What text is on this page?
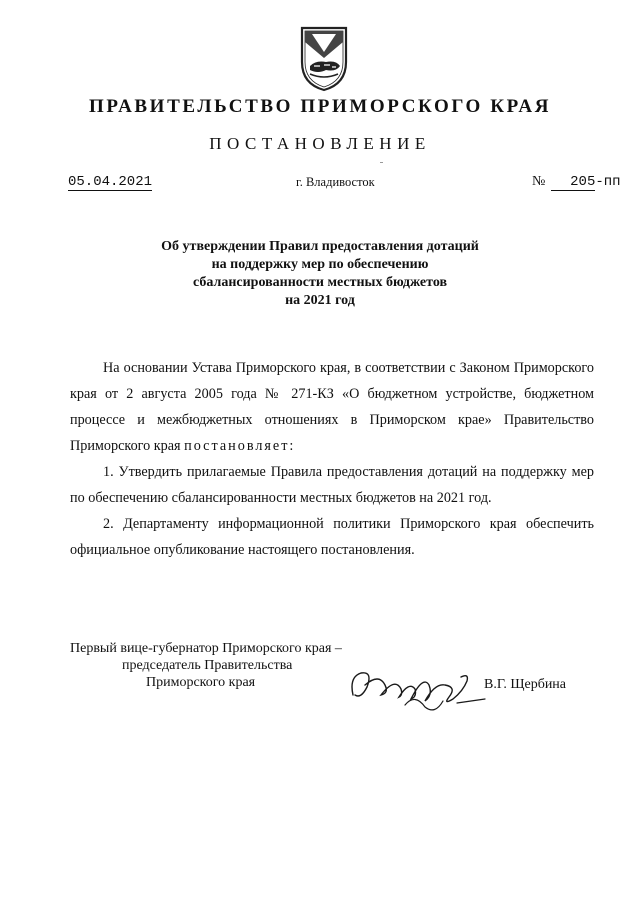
ПРАВИТЕЛЬСТВО ПРИМОРСКОГО КРАЯ
ПОСТАНОВЛЕНИЕ
05.04.2021	г. Владивосток	№ 205-пп
Об утверждении Правил предоставления дотаций
на поддержку мер по обеспечению
сбалансированности местных бюджетов
на 2021 год

На основании Устава Приморского края, в соответствии с Законом Приморского края от 2 августа 2005 года № 271-КЗ «О бюджетном устройстве, бюджетном процессе и межбюджетных отношениях в Приморском крае» Правительство Приморского края постановляет:

1. Утвердить прилагаемые Правила предоставления дотаций на поддержку мер по обеспечению сбалансированности местных бюджетов на 2021 год.

2. Департаменту информационной политики Приморского края обеспечить официальное опубликование настоящего постановления.

Первый вице-губернатор Приморского края –
председатель Правительства
Приморского края	В.Г. Щербина
